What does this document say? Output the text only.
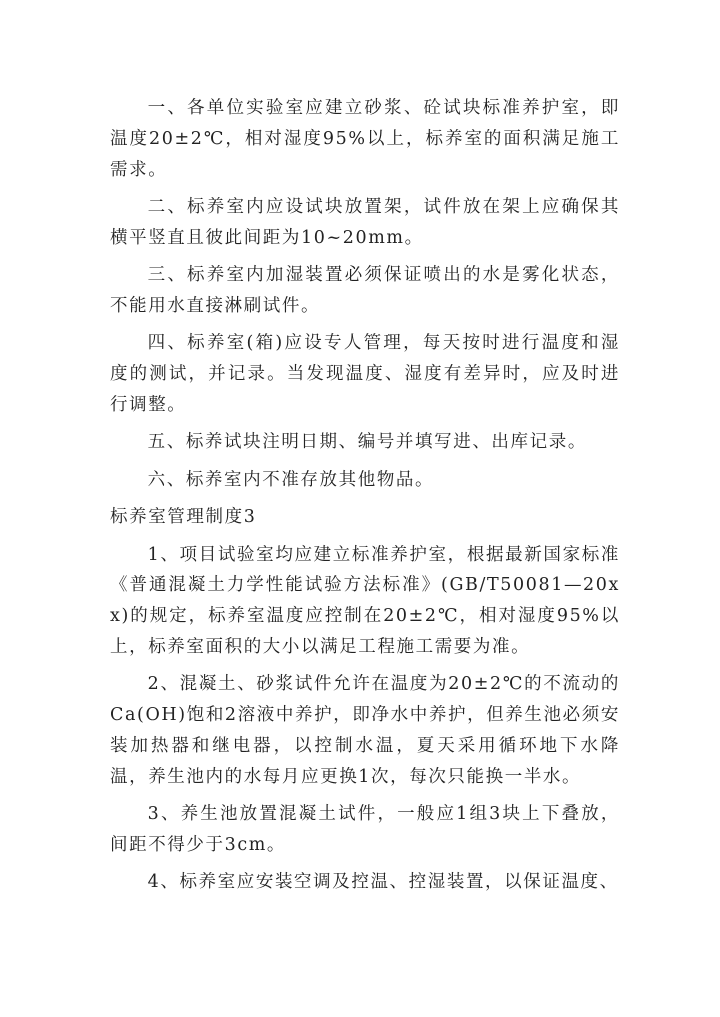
一、各单位实验室应建立砂浆、砼试块标准养护室，即温度20±2℃，相对湿度95%以上，标养室的面积满足施工需求。

二、标养室内应设试块放置架，试件放在架上应确保其横平竖直且彼此间距为10~20mm。

三、标养室内加湿装置必须保证喷出的水是雾化状态，不能用水直接淋刷试件。

四、标养室(箱)应设专人管理，每天按时进行温度和湿度的测试，并记录。当发现温度、湿度有差异时，应及时进行调整。

五、标养试块注明日期、编号并填写进、出库记录。

六、标养室内不准存放其他物品。

标养室管理制度3

1、项目试验室均应建立标准养护室，根据最新国家标准《普通混凝土力学性能试验方法标准》(GB/T50081—20xx)的规定，标养室温度应控制在20±2℃，相对湿度95%以上，标养室面积的大小以满足工程施工需要为准。

2、混凝土、砂浆试件允许在温度为20±2℃的不流动的Ca(OH)饱和2溶液中养护，即净水中养护，但养生池必须安装加热器和继电器，以控制水温，夏天采用循环地下水降温，养生池内的水每月应更换1次，每次只能换一半水。

3、养生池放置混凝土试件，一般应1组3块上下叠放，间距不得少于3cm。

4、标养室应安装空调及控温、控湿装置，以保证温度、
